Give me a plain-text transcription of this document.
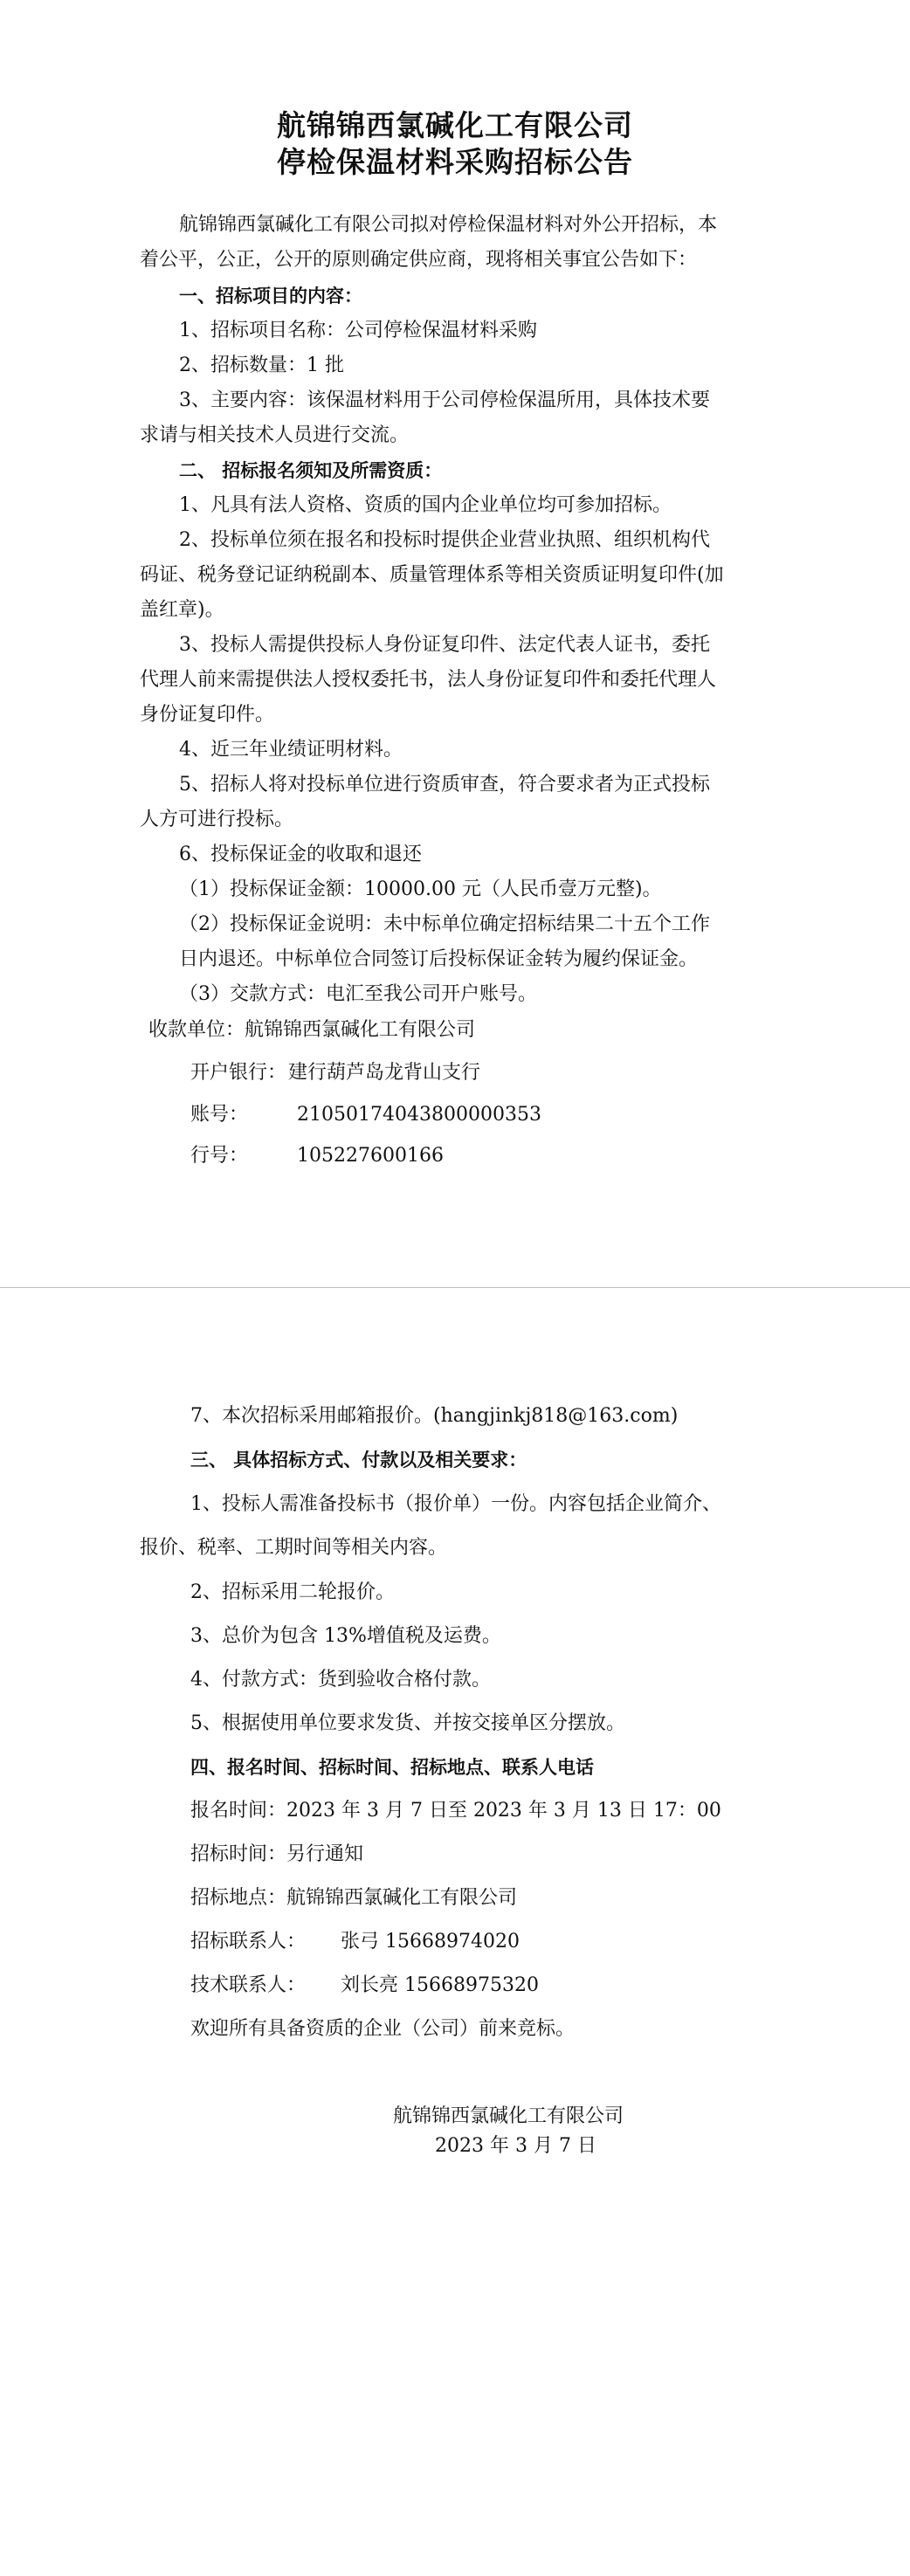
航锦锦西氯碱化工有限公司
停检保温材料采购招标公告
航锦锦西氯碱化工有限公司拟对停检保温材料对外公开招标，本
着公平，公正，公开的原则确定供应商，现将相关事宜公告如下：
一、招标项目的内容：
1、招标项目名称：公司停检保温材料采购
2、招标数量：1 批
3、主要内容：该保温材料用于公司停检保温所用，具体技术要
求请与相关技术人员进行交流。
二、 招标报名须知及所需资质：
1、凡具有法人资格、资质的国内企业单位均可参加招标。
2、投标单位须在报名和投标时提供企业营业执照、组织机构代
码证、税务登记证纳税副本、质量管理体系等相关资质证明复印件(加
盖红章)。
3、投标人需提供投标人身份证复印件、法定代表人证书，委托
代理人前来需提供法人授权委托书，法人身份证复印件和委托代理人
身份证复印件。
4、近三年业绩证明材料。
5、招标人将对投标单位进行资质审查，符合要求者为正式投标
人方可进行投标。
6、投标保证金的收取和退还
（1）投标保证金额：10000.00 元（人民币壹万元整)。
（2）投标保证金说明：未中标单位确定招标结果二十五个工作
日内退还。中标单位合同签订后投标保证金转为履约保证金。
（3）交款方式：电汇至我公司开户账号。
收款单位： 航锦锦西氯碱化工有限公司
开户银行： 建行葫芦岛龙背山支行
账号：	21050174043800000353
行号：	105227600166
7、本次招标采用邮箱报价。(hangjinkj818@163.com)
三、 具体招标方式、付款以及相关要求：
1、投标人需准备投标书（报价单）一份。内容包括企业简介、
报价、税率、工期时间等相关内容。
2、招标采用二轮报价。
3、总价为包含 13%增值税及运费。
4、付款方式：货到验收合格付款。
5、根据使用单位要求发货、并按交接单区分摆放。
四、报名时间、招标时间、招标地点、联系人电话
报名时间：2023 年 3 月 7 日至 2023 年 3 月 13 日 17：00
招标时间：另行通知
招标地点：航锦锦西氯碱化工有限公司
招标联系人： 张弓 15668974020
技术联系人： 刘长亮 15668975320
欢迎所有具备资质的企业（公司）前来竞标。
航锦锦西氯碱化工有限公司
2023 年 3 月 7 日
